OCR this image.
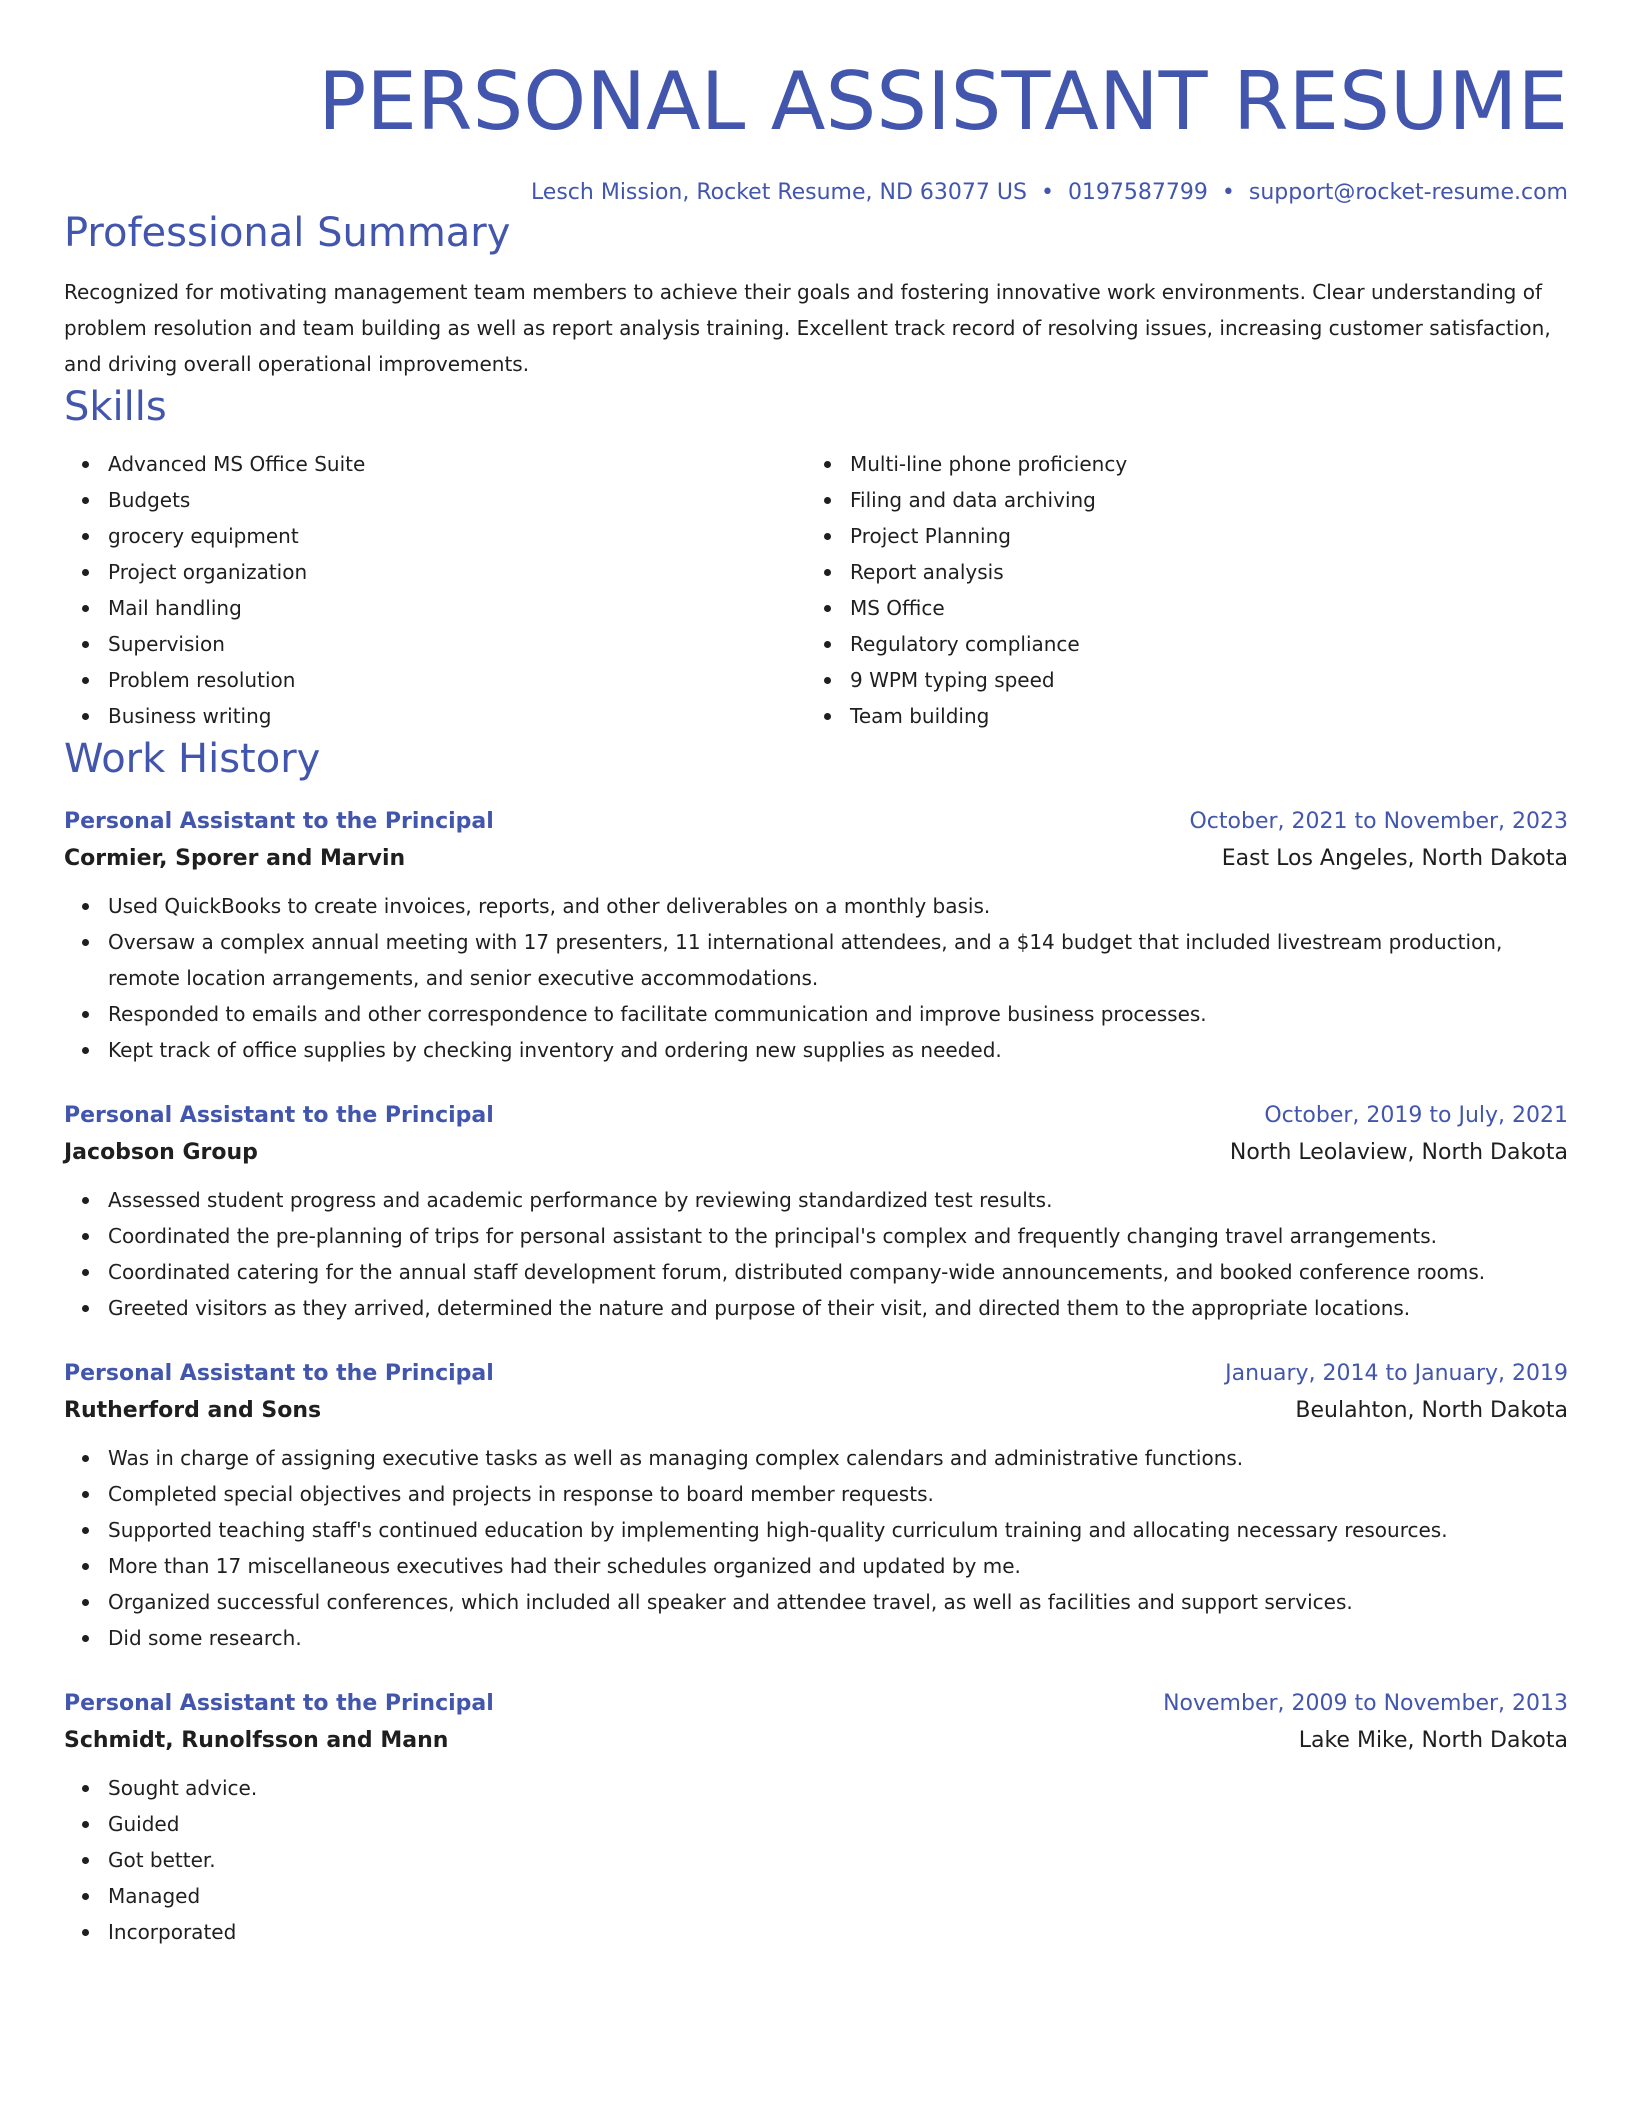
PERSONAL ASSISTANT RESUME
Lesch Mission, Rocket Resume, ND 63077 US • 0197587799 • support@rocket-resume.com
Professional Summary

Recognized for motivating management team members to achieve their goals and fostering innovative work environments. Clear understanding of problem resolution and team building as well as report analysis training. Excellent track record of resolving issues, increasing customer satisfaction, and driving overall operational improvements.

Skills
Advanced MS Office Suite
Budgets
grocery equipment
Project organization
Mail handling
Supervision
Problem resolution
Business writing
Multi-line phone proficiency
Filing and data archiving
Project Planning
Report analysis
MS Office
Regulatory compliance
9 WPM typing speed
Team building
Work History
Personal Assistant to the Principal	October, 2021 to November, 2023
Cormier, Sporer and Marvin	East Los Angeles, North Dakota
Used QuickBooks to create invoices, reports, and other deliverables on a monthly basis.
Oversaw a complex annual meeting with 17 presenters, 11 international attendees, and a $14 budget that included livestream production, remote location arrangements, and senior executive accommodations.
Responded to emails and other correspondence to facilitate communication and improve business processes.
Kept track of office supplies by checking inventory and ordering new supplies as needed.
Personal Assistant to the Principal	October, 2019 to July, 2021
Jacobson Group	North Leolaview, North Dakota
Assessed student progress and academic performance by reviewing standardized test results.
Coordinated the pre-planning of trips for personal assistant to the principal's complex and frequently changing travel arrangements.
Coordinated catering for the annual staff development forum, distributed company-wide announcements, and booked conference rooms.
Greeted visitors as they arrived, determined the nature and purpose of their visit, and directed them to the appropriate locations.
Personal Assistant to the Principal	January, 2014 to January, 2019
Rutherford and Sons	Beulahton, North Dakota
Was in charge of assigning executive tasks as well as managing complex calendars and administrative functions.
Completed special objectives and projects in response to board member requests.
Supported teaching staff's continued education by implementing high-quality curriculum training and allocating necessary resources.
More than 17 miscellaneous executives had their schedules organized and updated by me.
Organized successful conferences, which included all speaker and attendee travel, as well as facilities and support services.
Did some research.
Personal Assistant to the Principal	November, 2009 to November, 2013
Schmidt, Runolfsson and Mann	Lake Mike, North Dakota
Sought advice.
Guided
Got better.
Managed
Incorporated
